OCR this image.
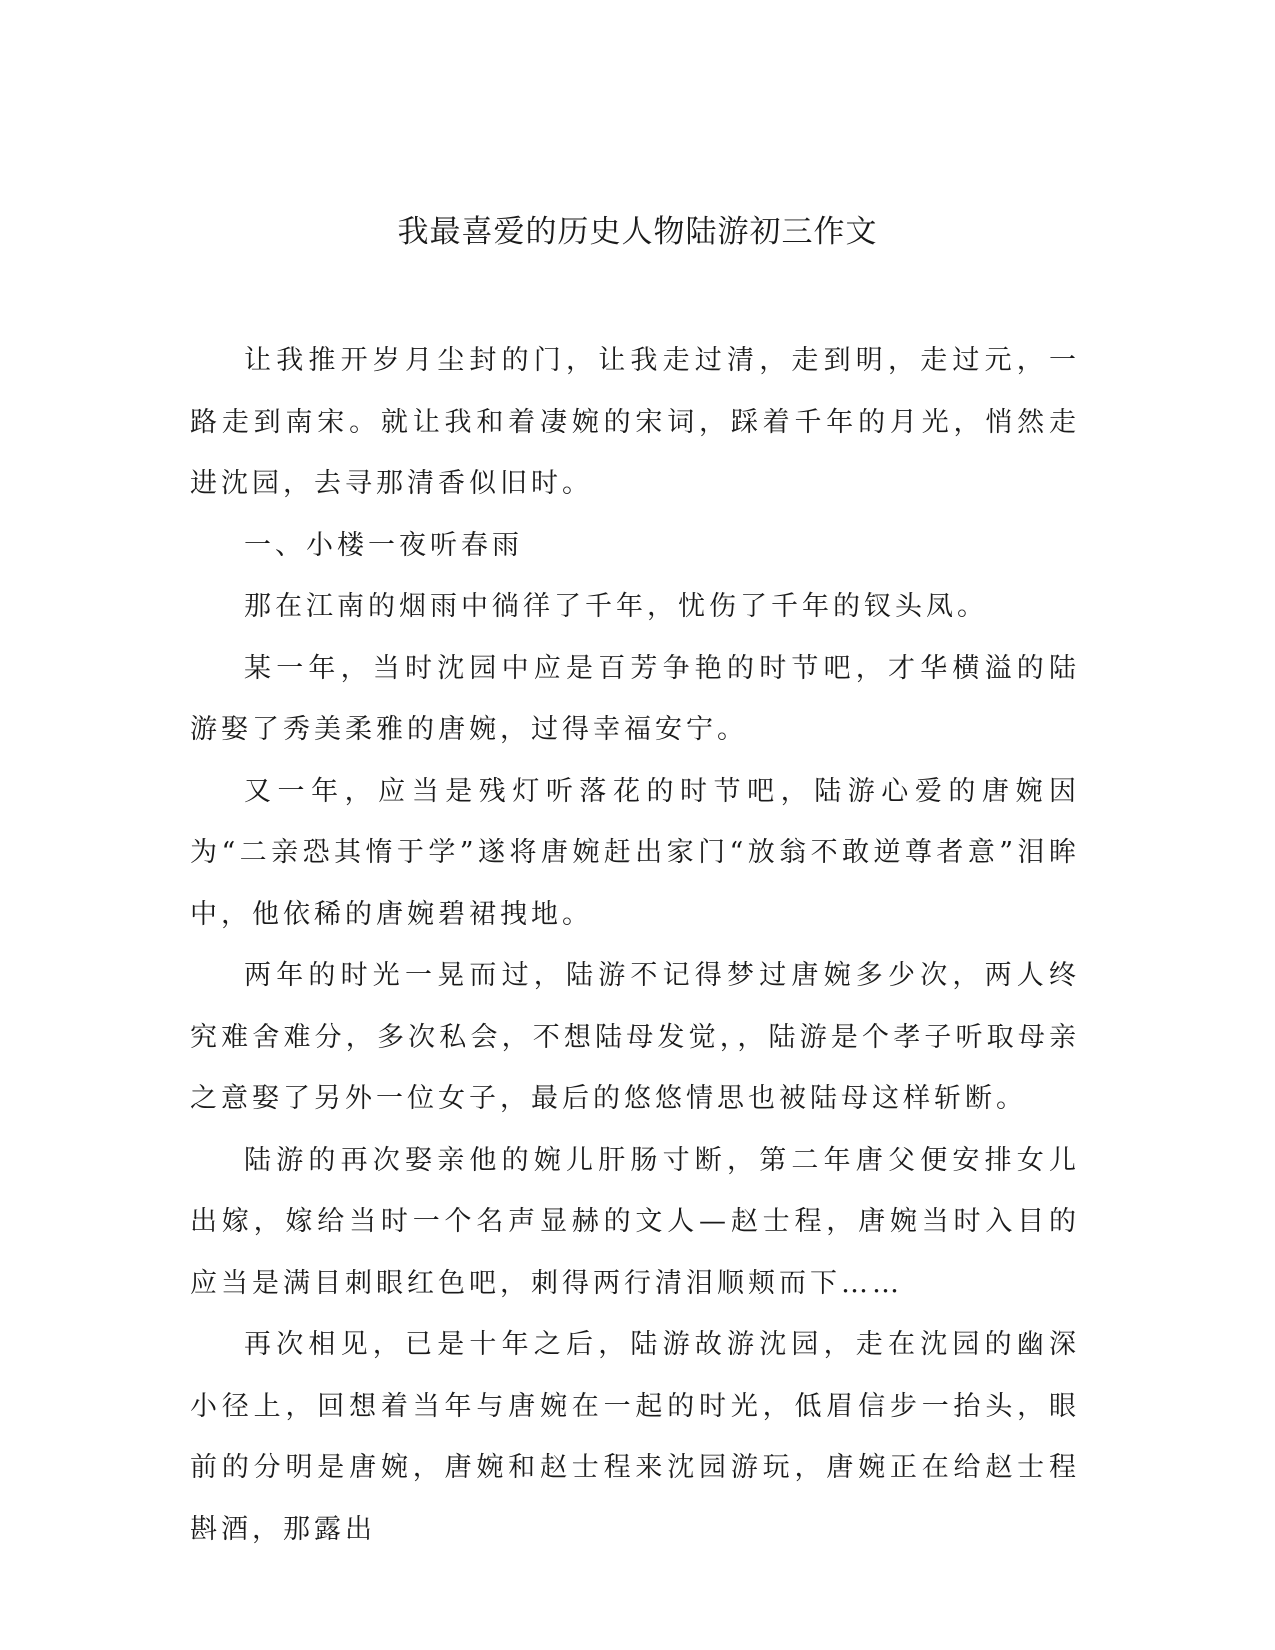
我最喜爱的历史人物陆游初三作文

让我推开岁月尘封的门，让我走过清，走到明，走过元，一路走到南宋。就让我和着凄婉的宋词，踩着千年的月光，悄然走进沈园，去寻那清香似旧时。

一、小楼一夜听春雨

那在江南的烟雨中徜徉了千年，忧伤了千年的钗头凤。

某一年，当时沈园中应是百芳争艳的时节吧，才华横溢的陆游娶了秀美柔雅的唐婉，过得幸福安宁。

又一年，应当是残灯听落花的时节吧，陆游心爱的唐婉因为“二亲恐其惰于学”遂将唐婉赶出家门“放翁不敢逆尊者意”泪眸中，他依稀的唐婉碧裙拽地。

两年的时光一晃而过，陆游不记得梦过唐婉多少次，两人终究难舍难分，多次私会，不想陆母发觉，，陆游是个孝子听取母亲之意娶了另外一位女子，最后的悠悠情思也被陆母这样斩断。

陆游的再次娶亲他的婉儿肝肠寸断，第二年唐父便安排女儿出嫁，嫁给当时一个名声显赫的文人—赵士程，唐婉当时入目的应当是满目刺眼红色吧，刺得两行清泪顺颊而下……

再次相见，已是十年之后，陆游故游沈园，走在沈园的幽深小径上，回想着当年与唐婉在一起的时光，低眉信步一抬头，眼前的分明是唐婉，唐婉和赵士程来沈园游玩，唐婉正在给赵士程斟酒，那露出
